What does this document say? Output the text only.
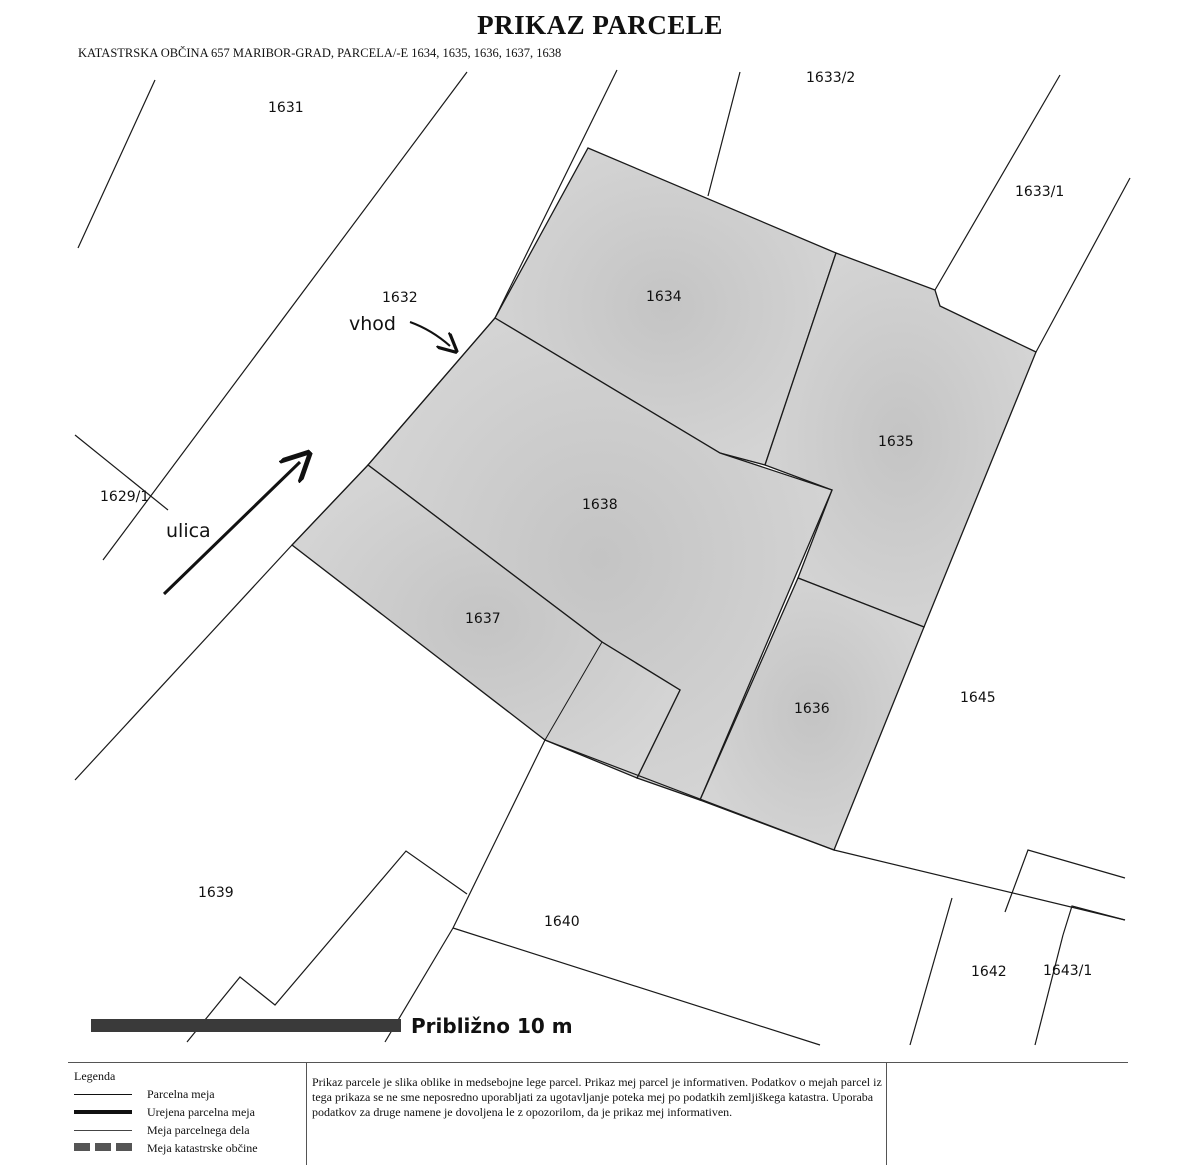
PRIKAZ PARCELE
KATASTRSKA OBČINA 657 MARIBOR-GRAD, PARCELA/-E 1634, 1635, 1636, 1637, 1638
1631
1633/2
1633/1
1632	1634
1635
1629/1	1638
1637
1636
1645
1639
1640
1642	1643/1
vhod
ulica
Približno 10 m
Legenda
Parcelna meja
Urejena parcelna meja
Meja parcelnega dela
Meja katastrske občine
Prikaz parcele je slika oblike in medsebojne lege parcel. Prikaz mej parcel je informativen. Podatkov o mejah parcel iz tega prikaza se ne sme neposredno uporabljati za ugotavljanje poteka mej po podatkih zemljiškega katastra. Uporaba podatkov za druge namene je dovoljena le z opozorilom, da je prikaz mej informativen.
